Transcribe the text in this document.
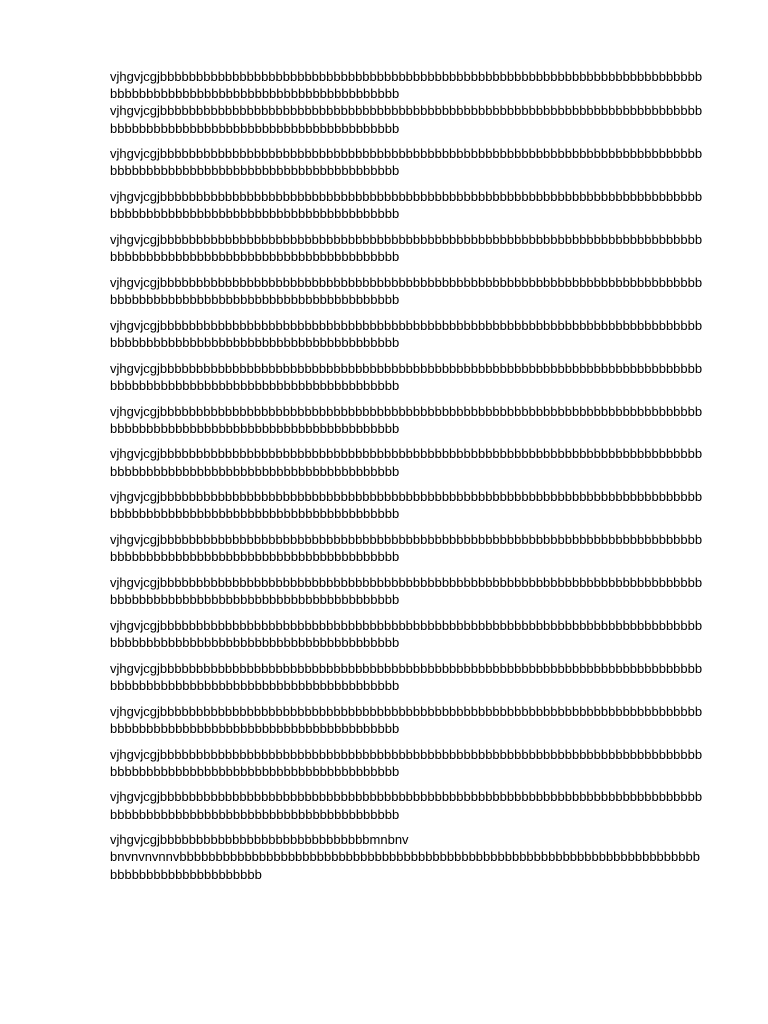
vjhgvjcgjbbbbbbbbbbbbbbbbbbbbbbbbbbbbbbbbbbbbbbbbbbbbbbbbbbbbbbbbbbbbbbbbbbbbbbbbbbb
bbbbbbbbbbbbbbbbbbbbbbbbbbbbbbbbbbbbbbbb
vjhgvjcgjbbbbbbbbbbbbbbbbbbbbbbbbbbbbbbbbbbbbbbbbbbbbbbbbbbbbbbbbbbbbbbbbbbbbbbbbbbb
bbbbbbbbbbbbbbbbbbbbbbbbbbbbbbbbbbbbbbbb
vjhgvjcgjbbbbbbbbbbbbbbbbbbbbbbbbbbbbbbbbbbbbbbbbbbbbbbbbbbbbbbbbbbbbbbbbbbbbbbbbbbb
bbbbbbbbbbbbbbbbbbbbbbbbbbbbbbbbbbbbbbbb
vjhgvjcgjbbbbbbbbbbbbbbbbbbbbbbbbbbbbbbbbbbbbbbbbbbbbbbbbbbbbbbbbbbbbbbbbbbbbbbbbbbb
bbbbbbbbbbbbbbbbbbbbbbbbbbbbbbbbbbbbbbbb
vjhgvjcgjbbbbbbbbbbbbbbbbbbbbbbbbbbbbbbbbbbbbbbbbbbbbbbbbbbbbbbbbbbbbbbbbbbbbbbbbbbb
bbbbbbbbbbbbbbbbbbbbbbbbbbbbbbbbbbbbbbbb
vjhgvjcgjbbbbbbbbbbbbbbbbbbbbbbbbbbbbbbbbbbbbbbbbbbbbbbbbbbbbbbbbbbbbbbbbbbbbbbbbbbb
bbbbbbbbbbbbbbbbbbbbbbbbbbbbbbbbbbbbbbbb
vjhgvjcgjbbbbbbbbbbbbbbbbbbbbbbbbbbbbbbbbbbbbbbbbbbbbbbbbbbbbbbbbbbbbbbbbbbbbbbbbbbb
bbbbbbbbbbbbbbbbbbbbbbbbbbbbbbbbbbbbbbbb
vjhgvjcgjbbbbbbbbbbbbbbbbbbbbbbbbbbbbbbbbbbbbbbbbbbbbbbbbbbbbbbbbbbbbbbbbbbbbbbbbbbb
bbbbbbbbbbbbbbbbbbbbbbbbbbbbbbbbbbbbbbbb
vjhgvjcgjbbbbbbbbbbbbbbbbbbbbbbbbbbbbbbbbbbbbbbbbbbbbbbbbbbbbbbbbbbbbbbbbbbbbbbbbbbb
bbbbbbbbbbbbbbbbbbbbbbbbbbbbbbbbbbbbbbbb
vjhgvjcgjbbbbbbbbbbbbbbbbbbbbbbbbbbbbbbbbbbbbbbbbbbbbbbbbbbbbbbbbbbbbbbbbbbbbbbbbbbb
bbbbbbbbbbbbbbbbbbbbbbbbbbbbbbbbbbbbbbbb
vjhgvjcgjbbbbbbbbbbbbbbbbbbbbbbbbbbbbbbbbbbbbbbbbbbbbbbbbbbbbbbbbbbbbbbbbbbbbbbbbbbb
bbbbbbbbbbbbbbbbbbbbbbbbbbbbbbbbbbbbbbbb
vjhgvjcgjbbbbbbbbbbbbbbbbbbbbbbbbbbbbbbbbbbbbbbbbbbbbbbbbbbbbbbbbbbbbbbbbbbbbbbbbbbb
bbbbbbbbbbbbbbbbbbbbbbbbbbbbbbbbbbbbbbbb
vjhgvjcgjbbbbbbbbbbbbbbbbbbbbbbbbbbbbbbbbbbbbbbbbbbbbbbbbbbbbbbbbbbbbbbbbbbbbbbbbbbb
bbbbbbbbbbbbbbbbbbbbbbbbbbbbbbbbbbbbbbbb
vjhgvjcgjbbbbbbbbbbbbbbbbbbbbbbbbbbbbbbbbbbbbbbbbbbbbbbbbbbbbbbbbbbbbbbbbbbbbbbbbbbb
bbbbbbbbbbbbbbbbbbbbbbbbbbbbbbbbbbbbbbbb
vjhgvjcgjbbbbbbbbbbbbbbbbbbbbbbbbbbbbbbbbbbbbbbbbbbbbbbbbbbbbbbbbbbbbbbbbbbbbbbbbbbb
bbbbbbbbbbbbbbbbbbbbbbbbbbbbbbbbbbbbbbbb
vjhgvjcgjbbbbbbbbbbbbbbbbbbbbbbbbbbbbbbbbbbbbbbbbbbbbbbbbbbbbbbbbbbbbbbbbbbbbbbbbbbb
bbbbbbbbbbbbbbbbbbbbbbbbbbbbbbbbbbbbbbbb
vjhgvjcgjbbbbbbbbbbbbbbbbbbbbbbbbbbbbbbbbbbbbbbbbbbbbbbbbbbbbbbbbbbbbbbbbbbbbbbbbbbb
bbbbbbbbbbbbbbbbbbbbbbbbbbbbbbbbbbbbbbbb
vjhgvjcgjbbbbbbbbbbbbbbbbbbbbbbbbbbbbbbbbbbbbbbbbbbbbbbbbbbbbbbbbbbbbbbbbbbbbbbbbbbb
bbbbbbbbbbbbbbbbbbbbbbbbbbbbbbbbbbbbbbbb
vjhgvjcgjbbbbbbbbbbbbbbbbbbbbbbbbbbbbbmnbnv
bnvnvnvnnvbbbbbbbbbbbbbbbbbbbbbbbbbbbbbbbbbbbbbbbbbbbbbbbbbbbbbbbbbbbbbbbbbbbbbbbb
bbbbbbbbbbbbbbbbbbbbb
